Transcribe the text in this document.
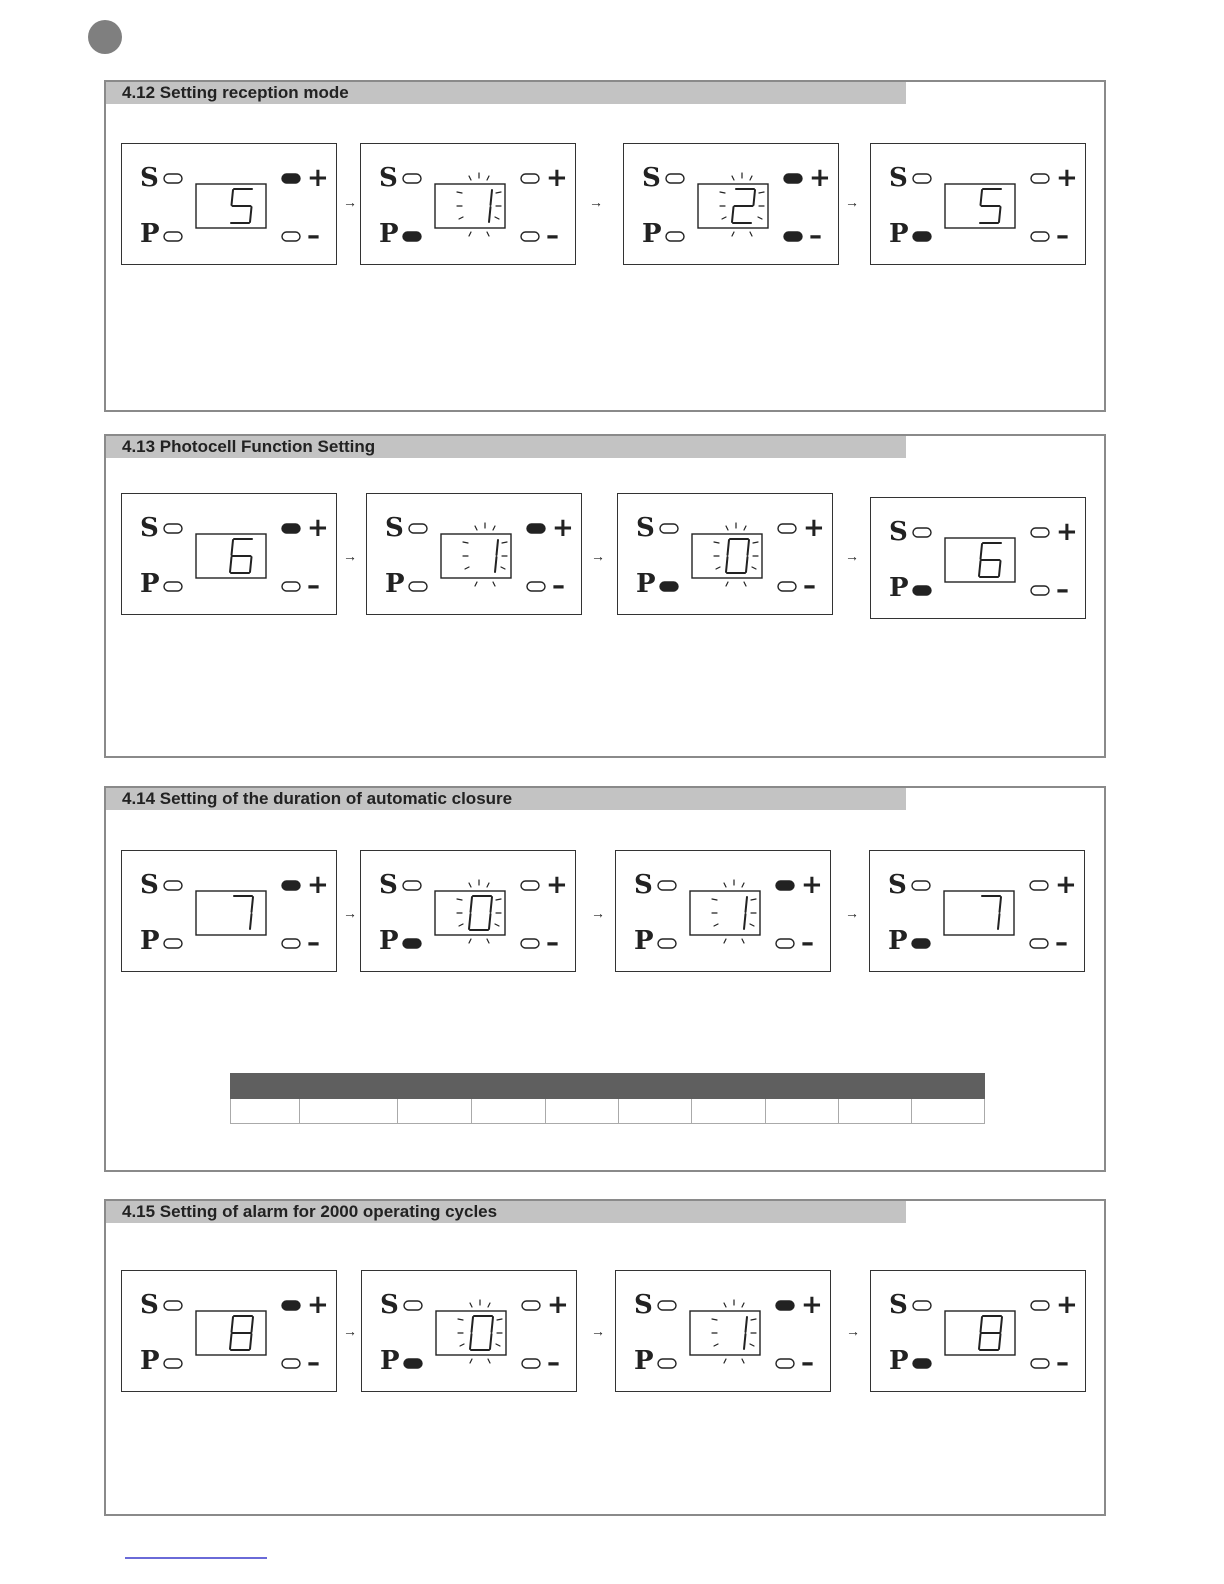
4.12 Setting reception mode
S
P
+
–
→
S
P
+
–
→
S
P
+
–
→
S
P
+
–
4.13 Photocell Function Setting
S
P
+
–
→
S
P
+
–
→
S
P
+
–
→
S
P
+
–
4.14 Setting of the duration of automatic closure
S
P
+
–
→
S
P
+
–
→
S
P
+
–
→
S
P
+
–

4.15 Setting of alarm for 2000 operating cycles
S
P
+
–
→
S
P
+
–
→
S
P
+
–
→
S
P
+
–
